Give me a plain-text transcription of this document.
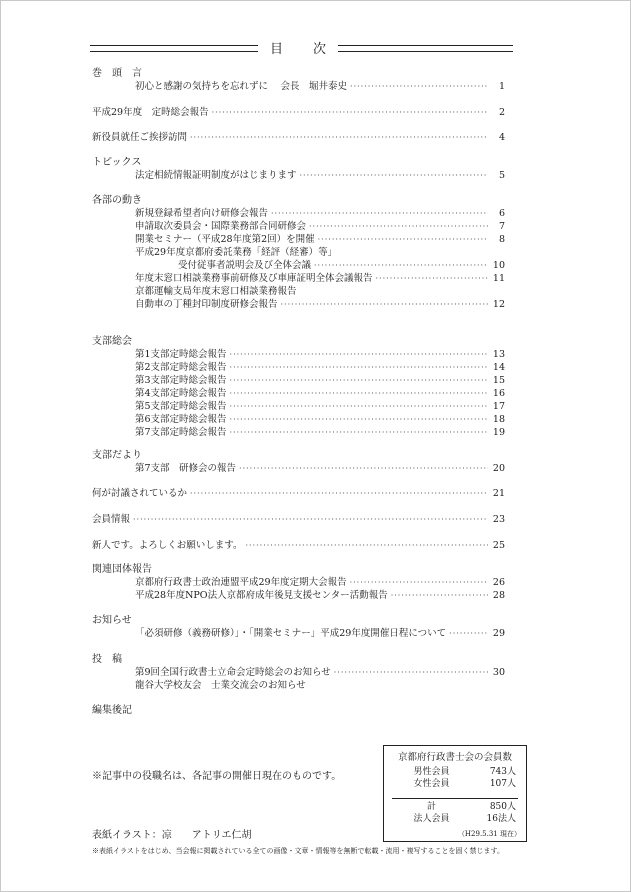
目 次
巻頭言
初心と感謝の気持ちを忘れずに　 会長　堀井泰史 ·····	1
平成29年度　定時総会報告 ·····	2
新役員就任ご挨拶訪問 ·····	4
トピックス
法定相続情報証明制度がはじまります ·····	5
各部の動き
新規登録希望者向け研修会報告 ·····	6
申請取次委員会・国際業務部合同研修会 ·····	7
開業セミナー（平成28年度第2回）を開催 ·····	8
平成29年度京都府委託業務「経評（経審）等」
受付従事者説明会及び全体会議 ·····	10
年度末窓口相談業務事前研修及び車庫証明全体会議報告 ·····	11
京都運輸支局年度末窓口相談業務報告
自動車の丁種封印制度研修会報告 ·····	12
支部総会
第1支部定時総会報告 ·····	13
第2支部定時総会報告 ·····	14
第3支部定時総会報告 ·····	15
第4支部定時総会報告 ·····	16
第5支部定時総会報告 ·····	17
第6支部定時総会報告 ·····	18
第7支部定時総会報告 ·····	19
支部だより
第7支部　研修会の報告 ·····	20
何が討議されているか ·····	21
会員情報 ·····	23
新人です。よろしくお願いします。 ·····	25
関連団体報告
京都府行政書士政治連盟平成29年度定期大会報告 ·····	26
平成28年度NPO法人京都府成年後見支援センター活動報告 ·····	28
お知らせ
「必須研修（義務研修）」・「開業セミナー」平成29年度開催日程について ·····	29
投稿
第9回全国行政書士立命会定時総会のお知らせ ·····	30
龍谷大学校友会　士業交流会のお知らせ
編集後記
※記事中の役職名は、各記事の開催日現在のものです。
京都府行政書士会の会員数
男性会員	743人
女性会員	107人
計	850人
法人会員	16法人
（H29.5.31 現在）
表紙イラスト：凉　　アトリエ仁胡
※表紙イラストをはじめ、当会報に掲載されている全ての画像・文章・情報等を無断で転載・流用・複写することを固く禁じます。
